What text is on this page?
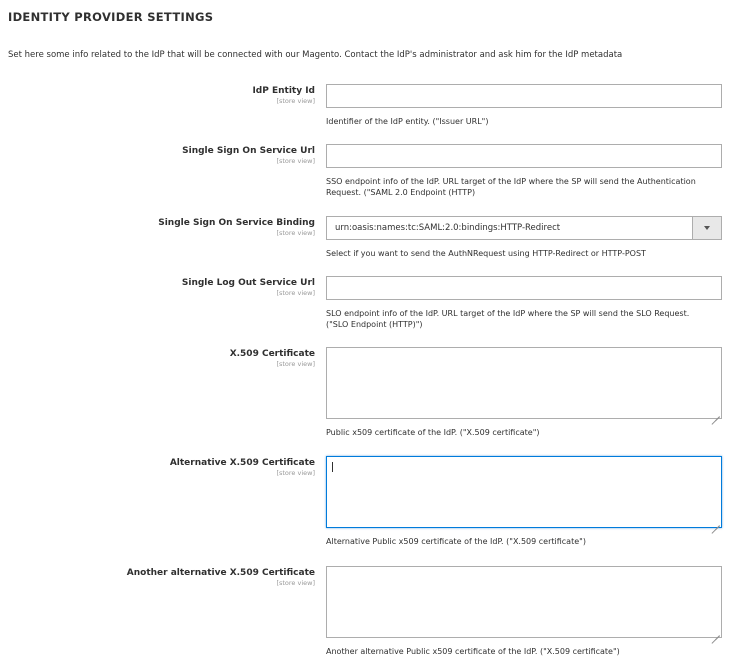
IDENTITY PROVIDER SETTINGS
Set here some info related to the IdP that will be connected with our Magento. Contact the IdP's administrator and ask him for the IdP metadata
IdP Entity Id
[store view]
Identifier of the IdP entity. ("Issuer URL")
Single Sign On Service Url
[store view]
SSO endpoint info of the IdP. URL target of the IdP where the SP will send the Authentication Request. ("SAML 2.0 Endpoint (HTTP)
Single Sign On Service Binding
[store view]	urn:oasis:names:tc:SAML:2.0:bindings:HTTP-Redirect
Select if you want to send the AuthNRequest using HTTP-Redirect or HTTP-POST
Single Log Out Service Url
[store view]
SLO endpoint info of the IdP. URL target of the IdP where the SP will send the SLO Request. ("SLO Endpoint (HTTP)")
X.509 Certificate
[store view]
Public x509 certificate of the IdP. ("X.509 certificate")
Alternative X.509 Certificate
[store view]
Alternative Public x509 certificate of the IdP. ("X.509 certificate")
Another alternative X.509 Certificate
[store view]
Another alternative Public x509 certificate of the IdP. ("X.509 certificate")
